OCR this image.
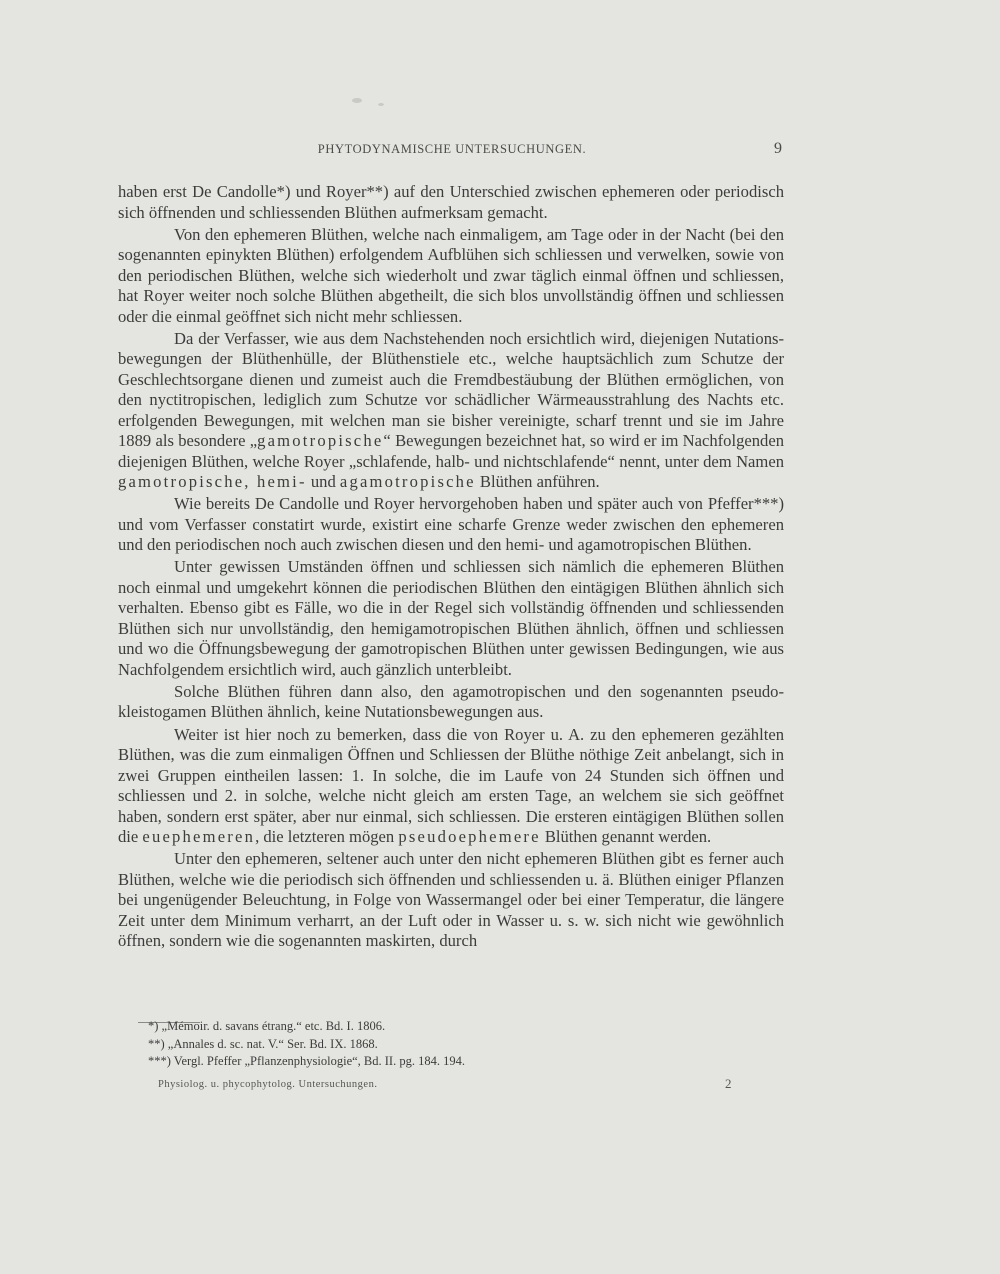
PHYTODYNAMISCHE UNTERSUCHUNGEN.	9

haben erst De Candolle*) und Royer**) auf den Unterschied zwischen ephemeren oder periodisch sich öffnenden und schliessenden Blüthen aufmerksam gemacht.

Von den ephemeren Blüthen, welche nach einmaligem, am Tage oder in der Nacht (bei den sogenannten epinykten Blüthen) erfolgendem Aufblühen sich schliessen und verwelken, sowie von den periodischen Blüthen, welche sich wiederholt und zwar täglich einmal öffnen und schliessen, hat Royer weiter noch solche Blüthen abgetheilt, die sich blos unvollständig öffnen und schliessen oder die einmal geöffnet sich nicht mehr schliessen.

Da der Verfasser, wie aus dem Nachstehenden noch ersichtlich wird, diejenigen Nutationsbewegungen der Blüthenhülle, der Blüthenstiele etc., welche hauptsächlich zum Schutze der Geschlechtsorgane dienen und zumeist auch die Fremdbestäubung der Blüthen ermöglichen, von den nyctitropischen, lediglich zum Schutze vor schädlicher Wärmeausstrahlung des Nachts etc. erfolgenden Bewegungen, mit welchen man sie bisher vereinigte, scharf trennt und sie im Jahre 1889 als besondere „gamotropische“ Bewegungen bezeichnet hat, so wird er im Nachfolgenden diejenigen Blüthen, welche Royer „schlafende, halb- und nichtschlafende“ nennt, unter dem Namen gamotropische, hemi- und agamotropische Blüthen anführen.

Wie bereits De Candolle und Royer hervorgehoben haben und später auch von Pfeffer***) und vom Verfasser constatirt wurde, existirt eine scharfe Grenze weder zwischen den ephemeren und den periodischen noch auch zwischen diesen und den hemi- und agamotropischen Blüthen.

Unter gewissen Umständen öffnen und schliessen sich nämlich die ephemeren Blüthen noch einmal und umgekehrt können die periodischen Blüthen den eintägigen Blüthen ähnlich sich verhalten. Ebenso gibt es Fälle, wo die in der Regel sich vollständig öffnenden und schliessenden Blüthen sich nur unvollständig, den hemigamotropischen Blüthen ähnlich, öffnen und schliessen und wo die Öffnungsbewegung der gamotropischen Blüthen unter gewissen Bedingungen, wie aus Nachfolgendem ersichtlich wird, auch gänzlich unterbleibt.

Solche Blüthen führen dann also, den agamotropischen und den sogenannten pseudokleistogamen Blüthen ähnlich, keine Nutationsbewegungen aus.

Weiter ist hier noch zu bemerken, dass die von Royer u. A. zu den ephemeren gezählten Blüthen, was die zum einmaligen Öffnen und Schliessen der Blüthe nöthige Zeit anbelangt, sich in zwei Gruppen eintheilen lassen: 1. In solche, die im Laufe von 24 Stunden sich öffnen und schliessen und 2. in solche, welche nicht gleich am ersten Tage, an welchem sie sich geöffnet haben, sondern erst später, aber nur einmal, sich schliessen. Die ersteren eintägigen Blüthen sollen die euephemeren, die letzteren mögen pseudoephemere Blüthen genannt werden.

Unter den ephemeren, seltener auch unter den nicht ephemeren Blüthen gibt es ferner auch Blüthen, welche wie die periodisch sich öffnenden und schliessenden u. ä. Blüthen einiger Pflanzen bei ungenügender Beleuchtung, in Folge von Wassermangel oder bei einer Temperatur, die längere Zeit unter dem Minimum verharrt, an der Luft oder in Wasser u. s. w. sich nicht wie gewöhnlich öffnen, sondern wie die sogenannten maskirten, durch

*) „Mémoir. d. savans étrang.“ etc. Bd. I. 1806.
**) „Annales d. sc. nat. V.“ Ser. Bd. IX. 1868.
***) Vergl. Pfeffer „Pflanzenphysiologie“, Bd. II. pg. 184. 194.
Physiolog. u. phycophytolog. Untersuchungen.	2
